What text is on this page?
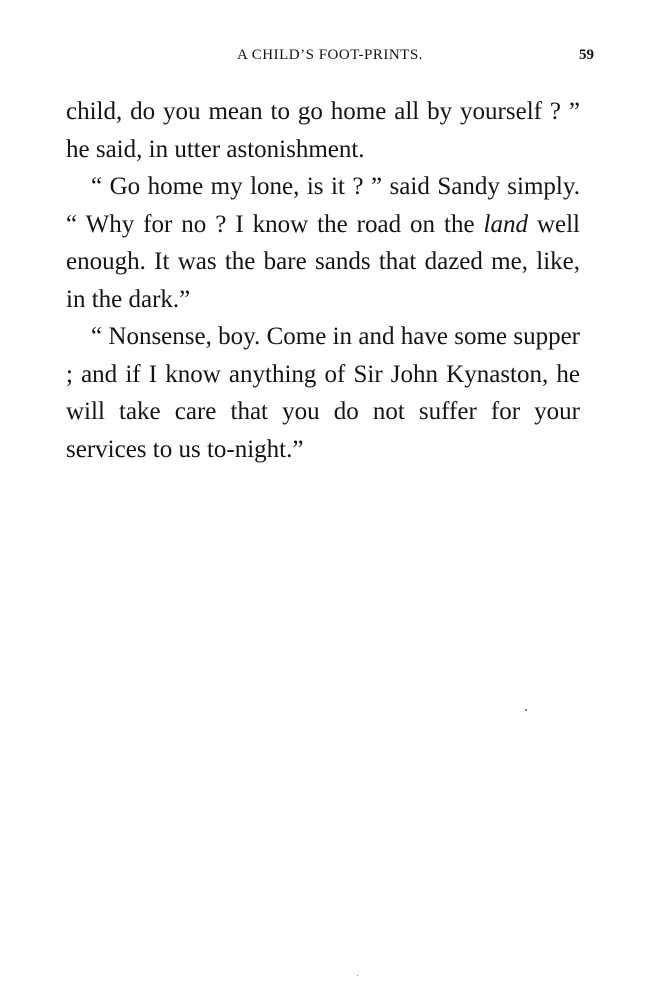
A CHILD’S FOOT-PRINTS.	59

child, do you mean to go home all by yourself ? ” he said, in utter astonishment.

“ Go home my lone, is it ? ” said Sandy simply. “ Why for no ? I know the road on the land well enough. It was the bare sands that dazed me, like, in the dark.”

“ Nonsense, boy. Come in and have some supper ; and if I know anything of Sir John Kynaston, he will take care that you do not suffer for your services to us to-night.”
